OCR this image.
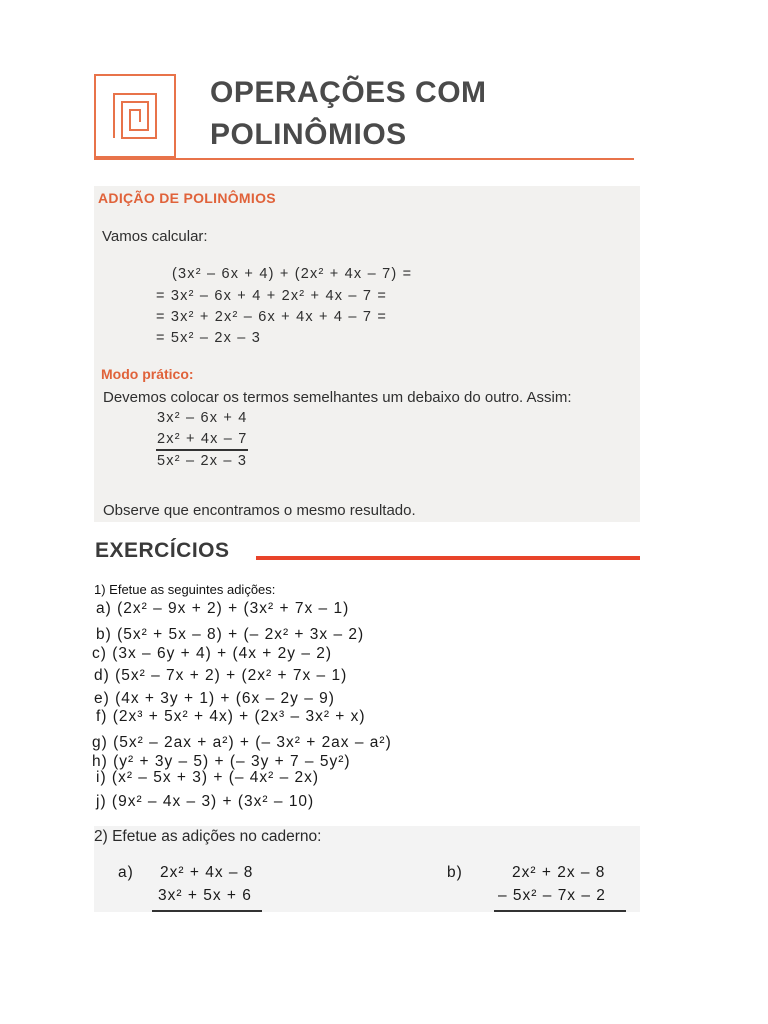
OPERAÇÕES COM
POLINÔMIOS
ADIÇÃO DE POLINÔMIOS
Vamos calcular:
(3x² – 6x + 4) + (2x² + 4x – 7) =
= 3x² – 6x + 4 + 2x² + 4x – 7 =
= 3x² + 2x² – 6x + 4x + 4 – 7 =
= 5x² – 2x – 3
Modo prático:
Devemos colocar os termos semelhantes um debaixo do outro. Assim:
3x² – 6x + 4
2x² + 4x – 7
5x² – 2x – 3
Observe que encontramos o mesmo resultado.
EXERCÍCIOS
1) Efetue as seguintes adições:
a) (2x² – 9x + 2) + (3x² + 7x – 1)
b) (5x² + 5x – 8) + (– 2x² + 3x – 2)
c) (3x – 6y + 4) + (4x + 2y – 2)
d) (5x² – 7x + 2) + (2x² + 7x – 1)
e) (4x + 3y + 1) + (6x – 2y – 9)
f) (2x³ + 5x² + 4x) + (2x³ – 3x² + x)
g) (5x² – 2ax + a²) + (– 3x² + 2ax – a²)
h) (y² + 3y – 5) + (– 3y + 7 – 5y²)
i) (x² – 5x + 3) + (– 4x² – 2x)
j) (9x² – 4x – 3) + (3x² – 10)
2) Efetue as adições no caderno:
a) 2x² + 4x – 8
3x² + 5x + 6
b)	2x² + 2x – 8
– 5x² – 7x – 2
